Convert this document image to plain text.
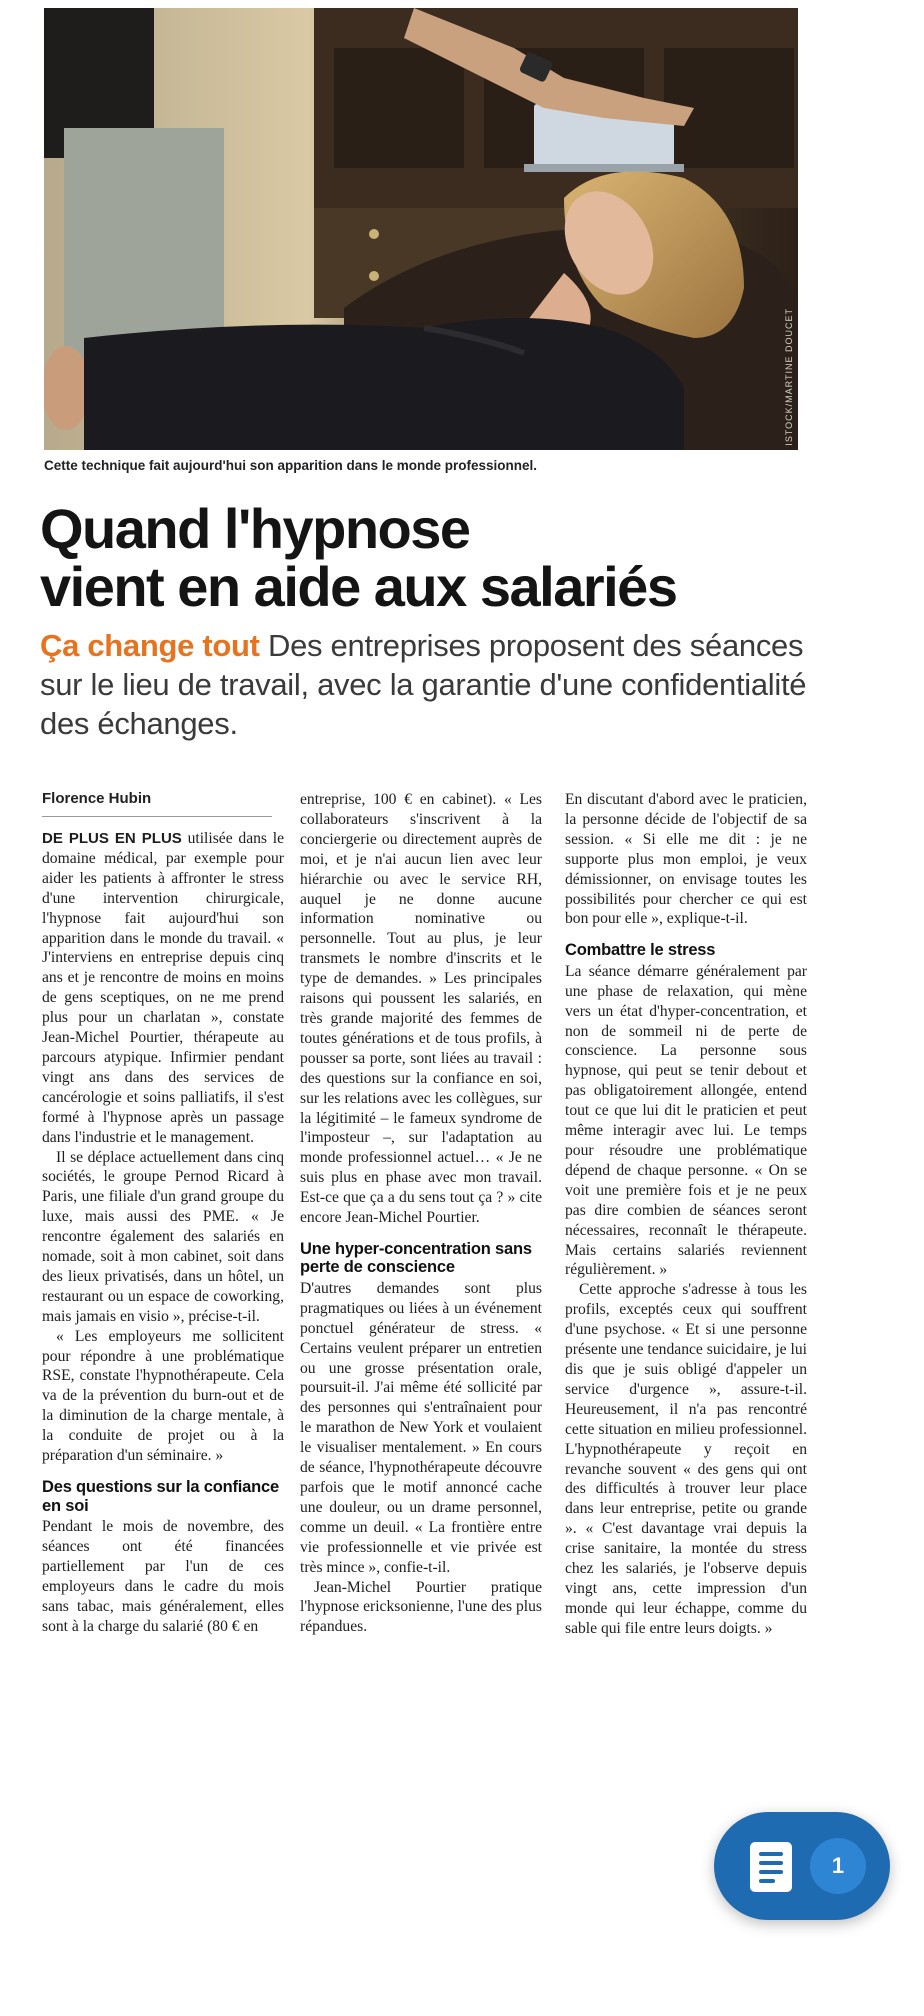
ISTOCK/MARTINE DOUCET
Cette technique fait aujourd'hui son apparition dans le monde professionnel.
Quand l'hypnose
vient en aide aux salariés
Ça change tout Des entreprises proposent des séances sur le lieu de travail, avec la garantie d'une confidentialité des échanges.
Florence Hubin

DE PLUS EN PLUS utilisée dans le domaine médical, par exemple pour aider les patients à affronter le stress d'une intervention chirurgicale, l'hypnose fait aujourd'hui son apparition dans le monde du travail. « J'interviens en entreprise depuis cinq ans et je rencontre de moins en moins de gens sceptiques, on ne me prend plus pour un charlatan », constate Jean-Michel Pourtier, thérapeute au parcours atypique. Infirmier pendant vingt ans dans des services de cancérologie et soins palliatifs, il s'est formé à l'hypnose après un passage dans l'industrie et le management.

Il se déplace actuellement dans cinq sociétés, le groupe Pernod Ricard à Paris, une filiale d'un grand groupe du luxe, mais aussi des PME. « Je rencontre également des salariés en nomade, soit à mon cabinet, soit dans des lieux privatisés, dans un hôtel, un restaurant ou un espace de coworking, mais jamais en visio », précise-t-il.

« Les employeurs me sollicitent pour répondre à une problématique RSE, constate l'hypnothérapeute. Cela va de la prévention du burn-out et de la diminution de la charge mentale, à la conduite de projet ou à la préparation d'un séminaire. »

Des questions sur la confiance en soi

Pendant le mois de novembre, des séances ont été financées partiellement par l'un de ces employeurs dans le cadre du mois sans tabac, mais généralement, elles sont à la charge du salarié (80 € en

entreprise, 100 € en cabinet). « Les collaborateurs s'inscrivent à la conciergerie ou directement auprès de moi, et je n'ai aucun lien avec leur hiérarchie ou avec le service RH, auquel je ne donne aucune information nominative ou personnelle. Tout au plus, je leur transmets le nombre d'inscrits et le type de demandes. » Les principales raisons qui poussent les salariés, en très grande majorité des femmes de toutes générations et de tous profils, à pousser sa porte, sont liées au travail : des questions sur la confiance en soi, sur les relations avec les collègues, sur la légitimité – le fameux syndrome de l'imposteur –, sur l'adaptation au monde professionnel actuel… « Je ne suis plus en phase avec mon travail. Est-ce que ça a du sens tout ça ? » cite encore Jean-Michel Pourtier.

Une hyper-concentration sans perte de conscience

D'autres demandes sont plus pragmatiques ou liées à un événement ponctuel générateur de stress. « Certains veulent préparer un entretien ou une grosse présentation orale, poursuit-il. J'ai même été sollicité par des personnes qui s'entraînaient pour le marathon de New York et voulaient le visualiser mentalement. » En cours de séance, l'hypnothérapeute découvre parfois que le motif annoncé cache une douleur, ou un drame personnel, comme un deuil. « La frontière entre vie professionnelle et vie privée est très mince », confie-t-il.

Jean-Michel Pourtier pratique l'hypnose ericksonienne, l'une des plus répandues.

En discutant d'abord avec le praticien, la personne décide de l'objectif de sa session. « Si elle me dit : je ne supporte plus mon emploi, je veux démissionner, on envisage toutes les possibilités pour chercher ce qui est bon pour elle », explique-t-il.

Combattre le stress

La séance démarre généralement par une phase de relaxation, qui mène vers un état d'hyper-concentration, et non de sommeil ni de perte de conscience. La personne sous hypnose, qui peut se tenir debout et pas obligatoirement allongée, entend tout ce que lui dit le praticien et peut même interagir avec lui. Le temps pour résoudre une problématique dépend de chaque personne. « On se voit une première fois et je ne peux pas dire combien de séances seront nécessaires, reconnaît le thérapeute. Mais certains salariés reviennent régulièrement. »

Cette approche s'adresse à tous les profils, exceptés ceux qui souffrent d'une psychose. « Et si une personne présente une tendance suicidaire, je lui dis que je suis obligé d'appeler un service d'urgence », assure-t-il. Heureusement, il n'a pas rencontré cette situation en milieu professionnel. L'hypnothérapeute y reçoit en revanche souvent « des gens qui ont des difficultés à trouver leur place dans leur entreprise, petite ou grande ». « C'est davantage vrai depuis la crise sanitaire, la montée du stress chez les salariés, je l'observe depuis vingt ans, cette impression d'un monde qui leur échappe, comme du sable qui file entre leurs doigts. »

1
